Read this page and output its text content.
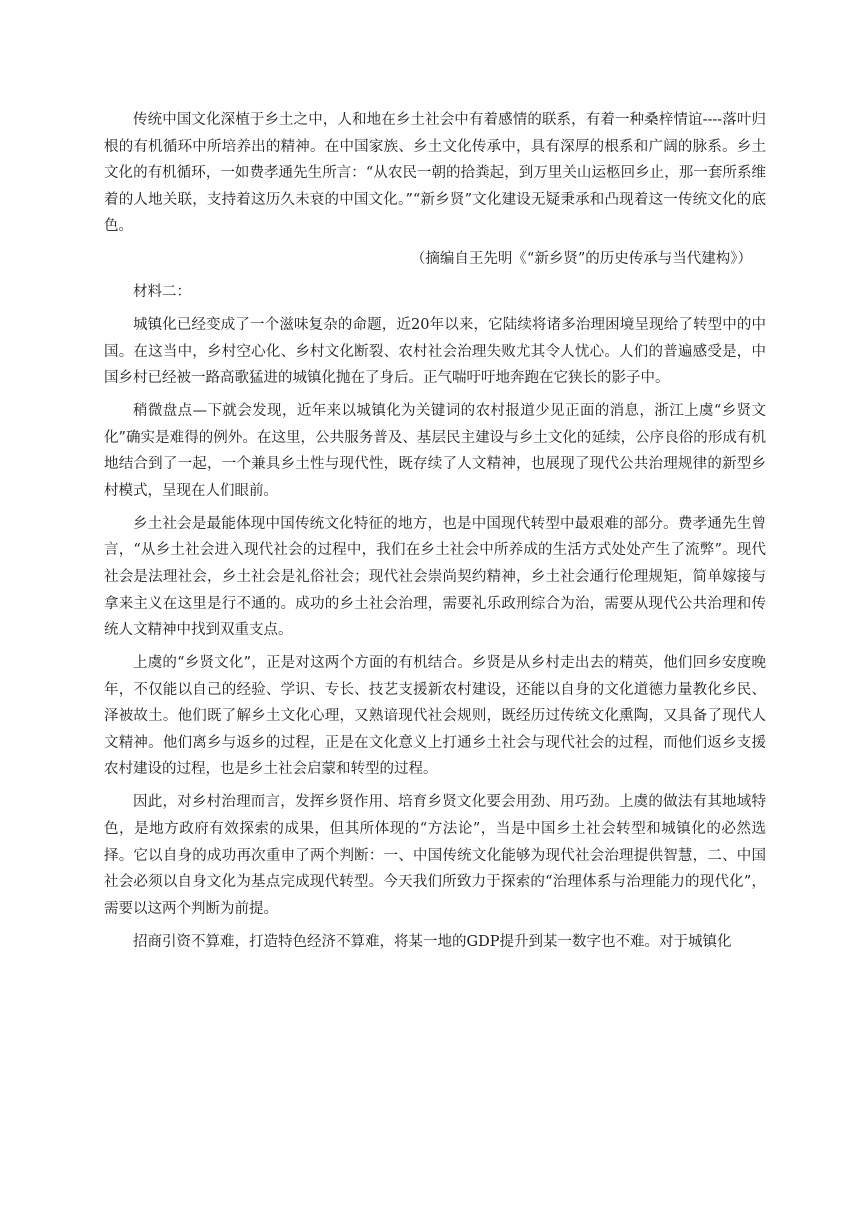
传统中国文化深植于乡土之中，人和地在乡土社会中有着感情的联系，有着一种桑梓情谊----落叶归根的有机循环中所培养出的精神。在中国家族、乡土文化传承中，具有深厚的根系和广阔的脉系。乡土文化的有机循环，一如费孝通先生所言：“从农民一朝的拾粪起，到万里关山运柩回乡止，那一套所系维着的人地关联，支持着这历久未衰的中国文化。”“新乡贤”文化建设无疑秉承和凸现着这一传统文化的底色。

（摘编自王先明《“新乡贤”的历史传承与当代建构》）

材料二：

城镇化已经变成了一个滋味复杂的命题，近20年以来，它陆续将诸多治理困境呈现给了转型中的中国。在这当中，乡村空心化、乡村文化断裂、农村社会治理失败尤其令人忧心。人们的普遍感受是，中国乡村已经被一路高歌猛进的城镇化抛在了身后。正气喘吁吁地奔跑在它狭长的影子中。

稍微盘点—下就会发现，近年来以城镇化为关键词的农村报道少见正面的消息，浙江上虞“乡贤文化”确实是难得的例外。在这里，公共服务普及、基层民主建设与乡土文化的延续，公序良俗的形成有机地结合到了一起，一个兼具乡土性与现代性，既存续了人文精神，也展现了现代公共治理规律的新型乡村模式，呈现在人们眼前。

乡土社会是最能体现中国传统文化特征的地方，也是中国现代转型中最艰难的部分。费孝通先生曾言，“从乡土社会进入现代社会的过程中，我们在乡土社会中所养成的生活方式处处产生了流弊”。现代社会是法理社会，乡土社会是礼俗社会；现代社会崇尚契约精神，乡土社会通行伦理规矩，简单嫁接与拿来主义在这里是行不通的。成功的乡土社会治理，需要礼乐政刑综合为治，需要从现代公共治理和传统人文精神中找到双重支点。

上虞的“乡贤文化”，正是对这两个方面的有机结合。乡贤是从乡村走出去的精英，他们回乡安度晚年，不仅能以自己的经验、学识、专长、技艺支援新农村建设，还能以自身的文化道德力量教化乡民、泽被故土。他们既了解乡土文化心理，又熟谙现代社会规则，既经历过传统文化熏陶，又具备了现代人文精神。他们离乡与返乡的过程，正是在文化意义上打通乡土社会与现代社会的过程，而他们返乡支援农村建设的过程，也是乡土社会启蒙和转型的过程。

因此，对乡村治理而言，发挥乡贤作用、培育乡贤文化要会用劲、用巧劲。上虞的做法有其地域特色，是地方政府有效探索的成果，但其所体现的“方法论”，当是中国乡土社会转型和城镇化的必然选择。它以自身的成功再次重申了两个判断：一、中国传统文化能够为现代社会治理提供智慧，二、中国社会必须以自身文化为基点完成现代转型。今天我们所致力于探索的“治理体系与治理能力的现代化”，需要以这两个判断为前提。

招商引资不算难，打造特色经济不算难，将某一地的GDP提升到某一数字也不难。对于城镇化
